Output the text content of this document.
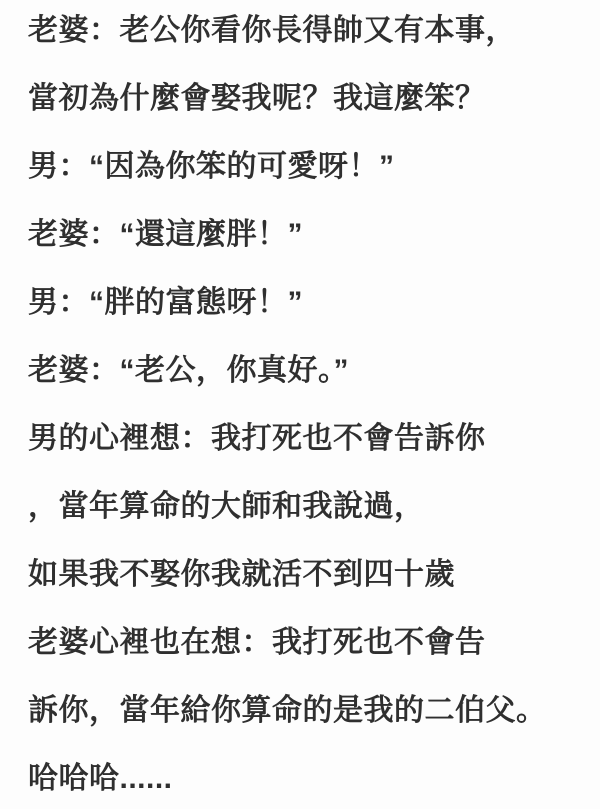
老婆：老公你看你長得帥又有本事，
當初為什麼會娶我呢？我這麼笨？
男：“因為你笨的可愛呀！”
老婆：“還這麼胖！”
男：“胖的富態呀！”
老婆：“老公，你真好。”
男的心裡想：我打死也不會告訴你
，當年算命的大師和我說過，
如果我不娶你我就活不到四十歲
老婆心裡也在想：我打死也不會告
訴你，當年給你算命的是我的二伯父。
哈哈哈......
